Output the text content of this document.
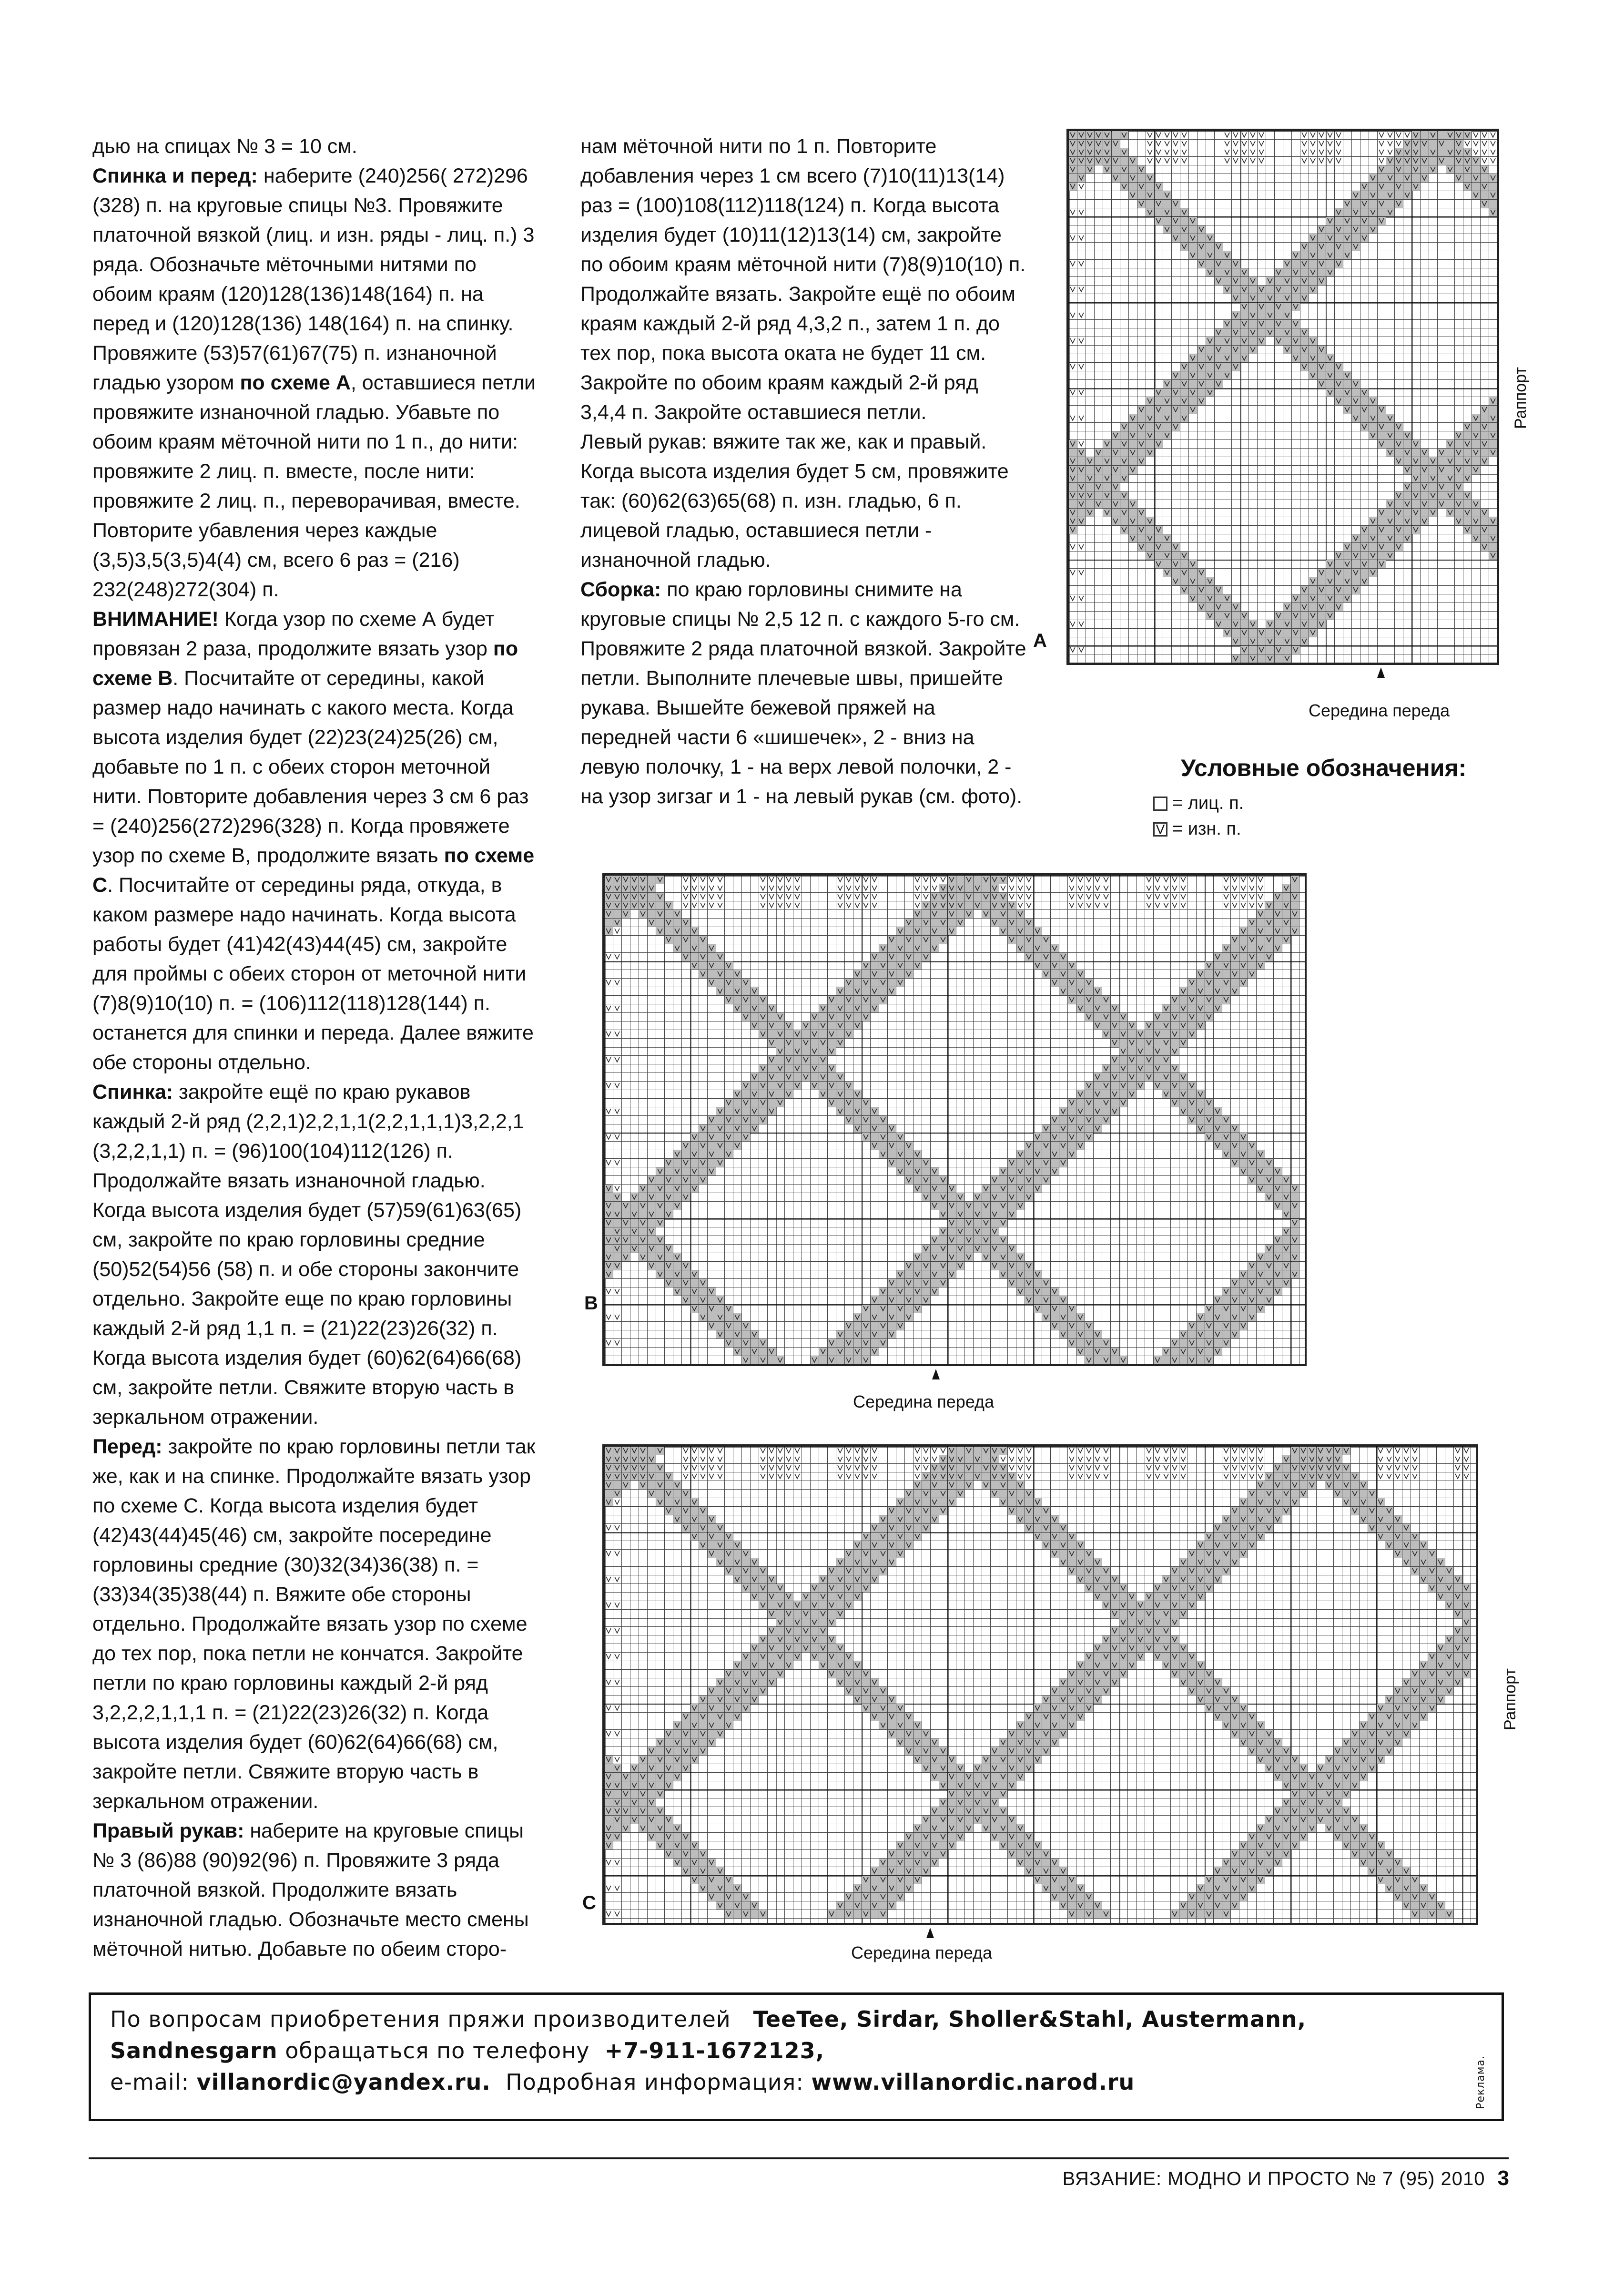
дью на спицах № 3 = 10 см.

Спинка и перед: наберите (240)256( 272)296 (328) п. на круговые спицы №3. Провяжите платочной вязкой (лиц. и изн. ряды - лиц. п.) 3 ряда. Обозначьте мёточными нитями по обоим краям (120)128(136)148(164) п. на перед и (120)128(136) 148(164) п. на спинку. Провяжите (53)57(61)67(75) п. изнаночной гладью узором по схеме А, оставшиеся петли провяжите изнаночной гладью. Убавьте по обоим краям мёточной нити по 1 п., до нити: провяжите 2 лиц. п. вместе, после нити: провяжите 2 лиц. п., переворачивая, вместе. Повторите убавления через каждые (3,5)3,5(3,5)4(4) см, всего 6 раз = (216) 232(248)272(304) п.

ВНИМАНИЕ! Когда узор по схеме А будет провязан 2 раза, продолжите вязать узор по схеме В. Посчитайте от середины, какой размер надо начинать с какого места. Когда высота изделия будет (22)23(24)25(26) см, добавьте по 1 п. с обеих сторон меточной нити. Повторите добавления через 3 см 6 раз = (240)256(272)296(328) п. Когда провяжете узор по схеме В, продолжите вязать по схеме С. Посчитайте от середины ряда, откуда, в каком размере надо начинать. Когда высота работы будет (41)42(43)44(45) см, закройте для проймы с обеих сторон от меточной нити (7)8(9)10(10) п. = (106)112(118)128(144) п. останется для спинки и переда. Далее вяжите обе стороны отдельно.

Спинка: закройте ещё по краю рукавов каждый 2-й ряд (2,2,1)2,2,1,1(2,2,1,1,1)3,2,2,1 (3,2,2,1,1) п. = (96)100(104)112(126) п. Продолжайте вязать изнаночной гладью. Когда высота изделия будет (57)59(61)63(65) см, закройте по краю горловины средние (50)52(54)56 (58) п. и обе стороны закончите отдельно. Закройте еще по краю горловины каждый 2-й ряд 1,1 п. = (21)22(23)26(32) п. Когда высота изделия будет (60)62(64)66(68) см, закройте петли. Свяжите вторую часть в зеркальном отражении.

Перед: закройте по краю горловины петли так же, как и на спинке. Продолжайте вязать узор по схеме С. Когда высота изделия будет (42)43(44)45(46) см, закройте посередине горловины средние (30)32(34)36(38) п. = (33)34(35)38(44) п. Вяжите обе стороны отдельно. Продолжайте вязать узор по схеме до тех пор, пока петли не кончатся. Закройте петли по краю горловины каждый 2-й ряд 3,2,2,2,1,1,1 п. = (21)22(23)26(32) п. Когда высота изделия будет (60)62(64)66(68) см, закройте петли. Свяжите вторую часть в зеркальном отражении.

Правый рукав: наберите на круговые спицы № 3 (86)88 (90)92(96) п. Провяжите 3 ряда платочной вязкой. Продолжите вязать изнаночной гладью. Обозначьте место смены мёточной нитью. Добавьте по обеим сторо-

нам мёточной нити по 1 п. Повторите добавления через 1 см всего (7)10(11)13(14) раз = (100)108(112)118(124) п. Когда высота изделия будет (10)11(12)13(14) см, закройте по обоим краям мёточной нити (7)8(9)10(10) п. Продолжайте вязать. Закройте ещё по обоим краям каждый 2-й ряд 4,3,2 п., затем 1 п. до тех пор, пока высота оката не будет 11 см. Закройте по обоим краям каждый 2-й ряд 3,4,4 п. Закройте оставшиеся петли.

Левый рукав: вяжите так же, как и правый. Когда высота изделия будет 5 см, провяжите так: (60)62(63)65(68) п. изн. гладью, 6 п. лицевой гладью, оставшиеся петли - изнаночной гладью.

Сборка: по краю горловины снимите на круговые спицы № 2,5 12 п. с каждого 5-го см. Провяжите 2 ряда платочной вязкой. Закройте петли. Выполните плечевые швы, пришейте рукава. Вышейте бежевой пряжей на передней части 6 «шишечек», 2 - вниз на левую полочку, 1 - на верх левой полочки, 2 - на узор зигзаг и 1 - на левый рукав (см. фото).

A
Раппорт
Середина переда
Условные обозначения:
= лиц. п.
V = изн. п.
B
Середина переда
C
Раппорт
Середина переда
По вопросам приобретения пряжи производителей TeeTee, Sirdar, Sholler&Stahl, Austermann,
Sandnesgarn обращаться по телефону +7-911-1672123,
e-mail: villanordic@yandex.ru. Подробная информация: www.villanordic.narod.ru	Реклама.
ВЯЗАНИЕ: МОДНО И ПРОСТО № 7 (95) 2010 3
